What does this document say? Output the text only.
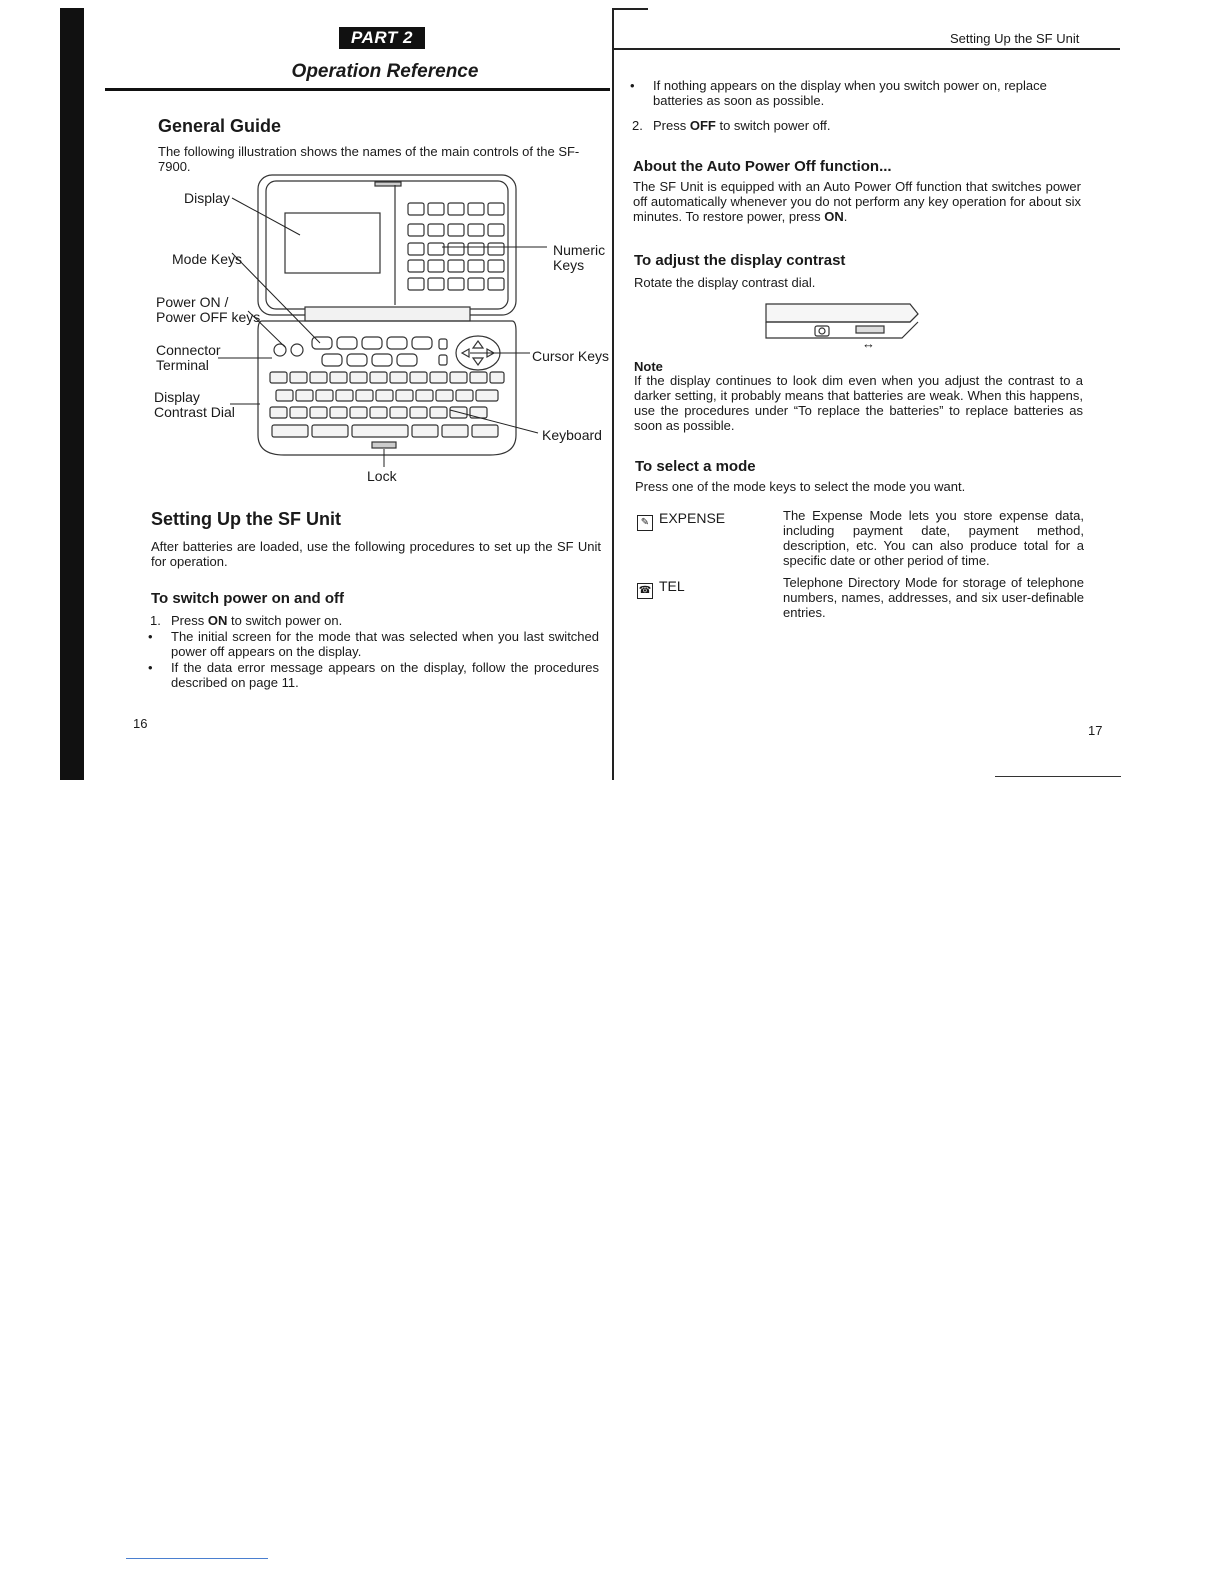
PART 2
Operation Reference
General Guide
The following illustration shows the names of the main controls of the SF-7900.
Display
Mode Keys
Power ON /
Power OFF keys
Connector
Terminal
Display
Contrast Dial
Numeric
Keys
Cursor Keys
Keyboard
Lock
Setting Up the SF Unit
After batteries are loaded, use the following procedures to set up the SF Unit for operation.
To switch power on and off
1. Press ON to switch power on.
• The initial screen for the mode that was selected when you last switched power off appears on the display.
• If the data error message appears on the display, follow the procedures described on page 11.
16
Setting Up the SF Unit
• If nothing appears on the display when you switch power on, replace batteries as soon as possible.
2. Press OFF to switch power off.
About the Auto Power Off function...
The SF Unit is equipped with an Auto Power Off function that switches power off automatically whenever you do not perform any key operation for about six minutes. To restore power, press ON.
To adjust the display contrast
Rotate the display contrast dial.
↔
Note
If the display continues to look dim even when you adjust the contrast to a darker setting, it probably means that batteries are weak. When this happens, use the procedures under “To replace the batteries” to replace batteries as soon as possible.
To select a mode
Press one of the mode keys to select the mode you want.
✎ EXPENSE	The Expense Mode lets you store expense data, including payment date, payment method, description, etc. You can also produce total for a specific date or other period of time.
☎ TEL	Telephone Directory Mode for storage of telephone numbers, names, addresses, and six user-definable entries.
17
